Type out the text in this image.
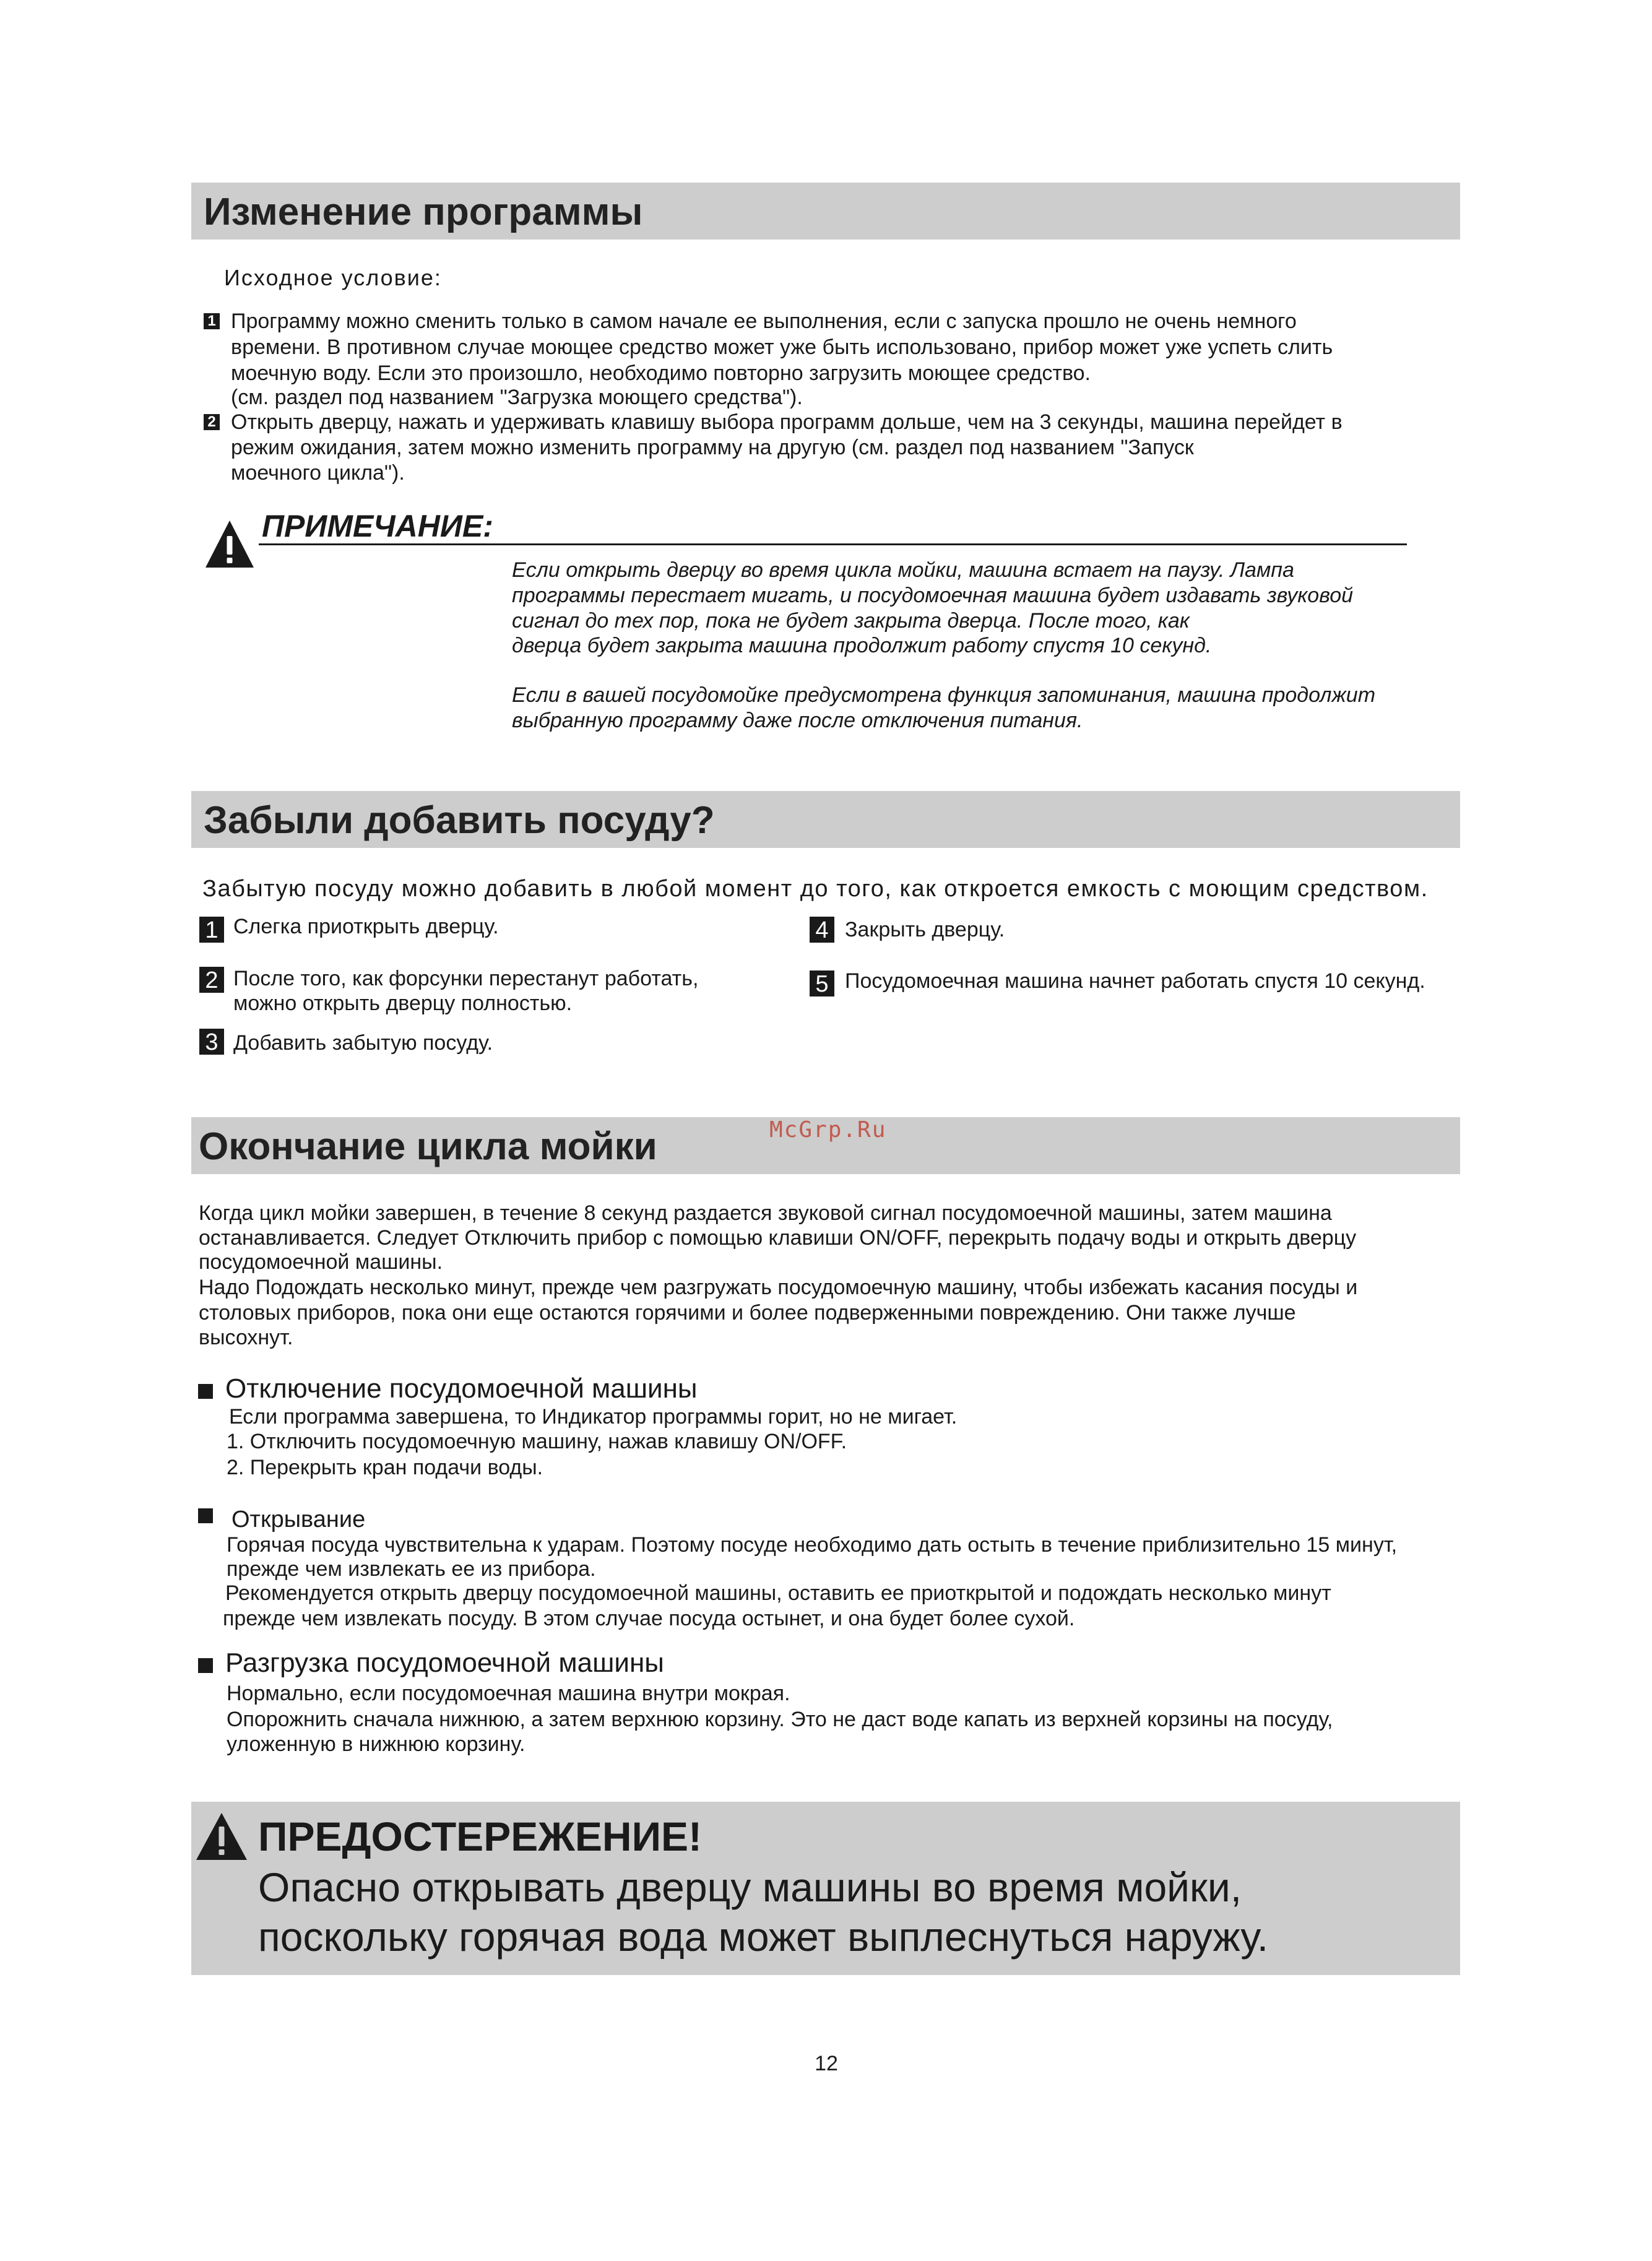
Изменение программы
Исходное условие:
1 Программу можно сменить только в самом начале ее выполнения, если с запуска прошло не очень немного
времени. В противном случае моющее средство может уже быть использовано, прибор может уже успеть слить
моечную воду. Если это произошло, необходимо повторно загрузить моющее средство.
(см. раздел под названием "Загрузка моющего средства").
2 Открыть дверцу, нажать и удерживать клавишу выбора программ дольше, чем на 3 секунды, машина перейдет в
режим ожидания, затем можно изменить программу на другую (см. раздел под названием "Запуск
моечного цикла").
ПРИМЕЧАНИЕ:
Если открыть дверцу во время цикла мойки, машина встает на паузу. Лампа
программы перестает мигать, и посудомоечная машина будет издавать звуковой
сигнал до тех пор, пока не будет закрыта дверца. После того, как
дверца будет закрыта машина продолжит работу спустя 10 секунд.
Если в вашей посудомойке предусмотрена функция запоминания, машина продолжит
выбранную программу даже после отключения питания.
Забыли добавить посуду?
Забытую посуду можно добавить в любой момент до того, как откроется емкость с моющим средством.
1 Слегка приоткрыть дверцу.
2 После того, как форсунки перестанут работать,
можно открыть дверцу полностью.
3 Добавить забытую посуду.
4 Закрыть дверцу.
5 Посудомоечная машина начнет работать спустя 10 секунд.
Окончание цикла мойки	McGrp.Ru
Когда цикл мойки завершен, в течение 8 секунд раздается звуковой сигнал посудомоечной машины, затем машина
останавливается. Следует Отключить прибор с помощью клавиши ON/OFF, перекрыть подачу воды и открыть дверцу
посудомоечной машины.
Надо Подождать несколько минут, прежде чем разгружать посудомоечную машину, чтобы избежать касания посуды и
столовых приборов, пока они еще остаются горячими и более подверженными повреждению. Они также лучше
высохнут.
Отключение посудомоечной машины
Если программа завершена, то Индикатор программы горит, но не мигает.
1. Отключить посудомоечную машину, нажав клавишу ON/OFF.
2. Перекрыть кран подачи воды.
Открывание
Горячая посуда чувствительна к ударам. Поэтому посуде необходимо дать остыть в течение приблизительно 15 минут,
прежде чем извлекать ее из прибора.
Рекомендуется открыть дверцу посудомоечной машины, оставить ее приоткрытой и подождать несколько минут
прежде чем извлекать посуду. В этом случае посуда остынет, и она будет более сухой.
Разгрузка посудомоечной машины
Нормально, если посудомоечная машина внутри мокрая.
Опорожнить сначала нижнюю, а затем верхнюю корзину. Это не даст воде капать из верхней корзины на посуду,
уложенную в нижнюю корзину.
ПРЕДОСТЕРЕЖЕНИЕ!
Опасно открывать дверцу машины во время мойки,
поскольку горячая вода может выплеснуться наружу.
12
